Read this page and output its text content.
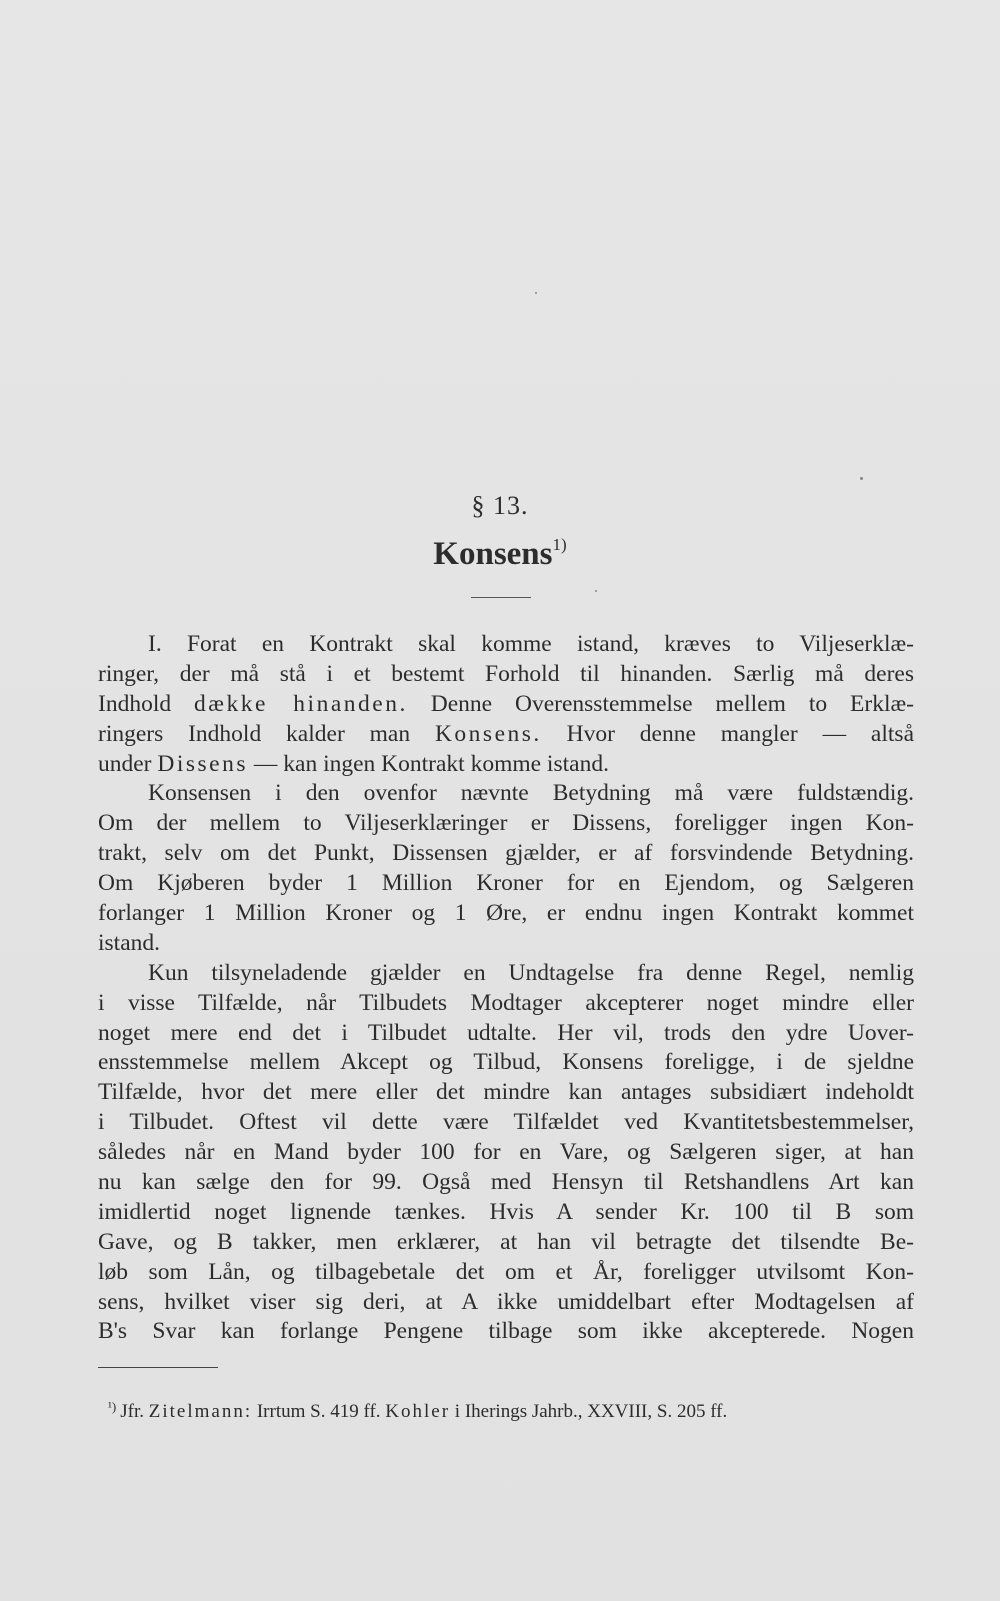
§ 13.
Konsens$^{1)}$
I. Forat en Kontrakt skal komme istand, kræves to Viljeserklæ-
ringer, der må stå i et bestemt Forhold til hinanden. Særlig må deres
Indhold dække hinanden. Denne Overensstemmelse mellem to Erklæ-
ringers Indhold kalder man Konsens. Hvor denne mangler — altså
under Dissens — kan ingen Kontrakt komme istand.
Konsensen i den ovenfor nævnte Betydning må være fuldstændig.
Om der mellem to Viljeserklæringer er Dissens, foreligger ingen Kon-
trakt, selv om det Punkt, Dissensen gjælder, er af forsvindende Betydning.
Om Kjøberen byder 1 Million Kroner for en Ejendom, og Sælgeren
forlanger 1 Million Kroner og 1 Øre, er endnu ingen Kontrakt kommet
istand.
Kun tilsyneladende gjælder en Undtagelse fra denne Regel, nemlig
i visse Tilfælde, når Tilbudets Modtager akcepterer noget mindre eller
noget mere end det i Tilbudet udtalte. Her vil, trods den ydre Uover-
ensstemmelse mellem Akcept og Tilbud, Konsens foreligge, i de sjeldne
Tilfælde, hvor det mere eller det mindre kan antages subsidiært indeholdt
i Tilbudet. Oftest vil dette være Tilfældet ved Kvantitetsbestemmelser,
således når en Mand byder 100 for en Vare, og Sælgeren siger, at han
nu kan sælge den for 99. Også med Hensyn til Retshandlens Art kan
imidlertid noget lignende tænkes. Hvis A sender Kr. 100 til B som
Gave, og B takker, men erklærer, at han vil betragte det tilsendte Be-
løb som Lån, og tilbagebetale det om et År, foreligger utvilsomt Kon-
sens, hvilket viser sig deri, at A ikke umiddelbart efter Modtagelsen af
B's Svar kan forlange Pengene tilbage som ikke akcepterede. Nogen
$^{^1)}$ Jfr. Zitelmann: Irrtum S. 419 ff. Kohler i Iherings Jahrb., XXVIII, S. 205 ff.
